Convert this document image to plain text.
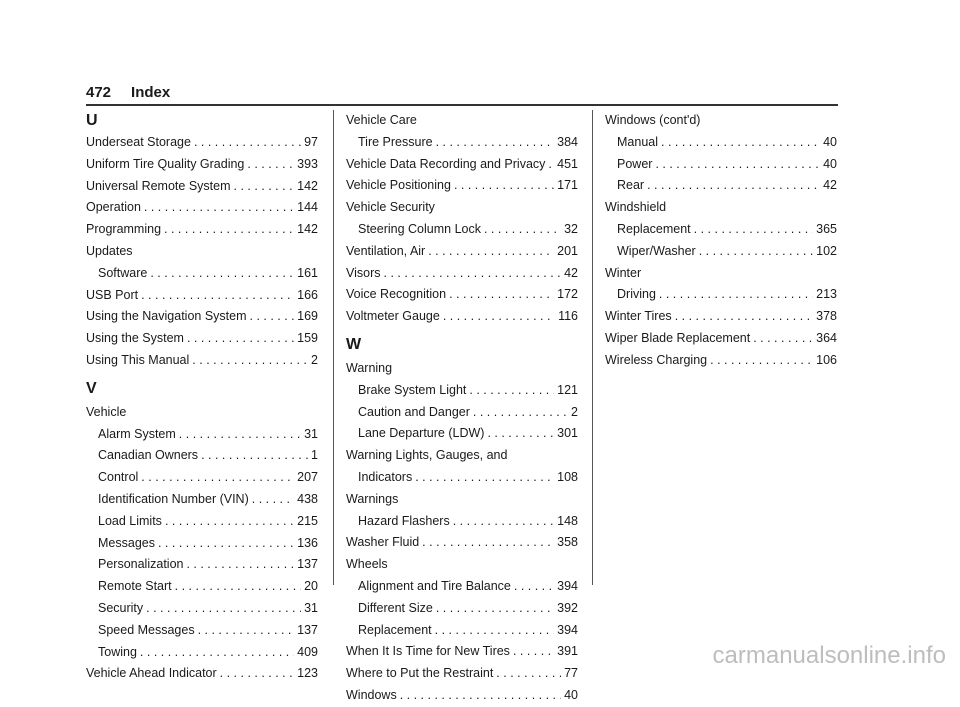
472 Index
U
Underseat Storage . . .	97
Uniform Tire Quality Grading . . .	393
Universal Remote System . . .	142
Operation . . .	144
Programming . . .	142
Updates
Software . . .	161
USB Port . . .	166
Using the Navigation System . . .	169
Using the System . . .	159
Using This Manual . . .	2
V
Vehicle
Alarm System . . .	31
Canadian Owners . . .	1
Control . . .	207
Identification Number (VIN) . . .	438
Load Limits . . .	215
Messages . . .	136
Personalization . . .	137
Remote Start . . .	20
Security . . .	31
Speed Messages . . .	137
Towing . . .	409
Vehicle Ahead Indicator . . .	123
Vehicle Care
Tire Pressure . . .	384
Vehicle Data Recording and Privacy . . . 451
Vehicle Positioning . . .	171
Vehicle Security
Steering Column Lock . . .	32
Ventilation, Air . . .	201
Visors . . .	42
Voice Recognition . . .	172
Voltmeter Gauge . . .	116
W
Warning
Brake System Light . . .	121
Caution and Danger . . .	2
Lane Departure (LDW) . . .	301
Warning Lights, Gauges, and
Indicators . . .	108
Warnings
Hazard Flashers . . .	148
Washer Fluid . . .	358
Wheels
Alignment and Tire Balance . . .	394
Different Size . . .	392
Replacement . . .	394
When It Is Time for New Tires . . .	391
Where to Put the Restraint . . .	77
Windows . . .	40
Windows (cont'd)
Manual . . .	40
Power . . .	40
Rear . . .	42
Windshield
Replacement . . .	365
Wiper/Washer . . .	102
Winter
Driving . . .	213
Winter Tires . . .	378
Wiper Blade Replacement . . .	364
Wireless Charging . . .	106
carmanualsonline.info
